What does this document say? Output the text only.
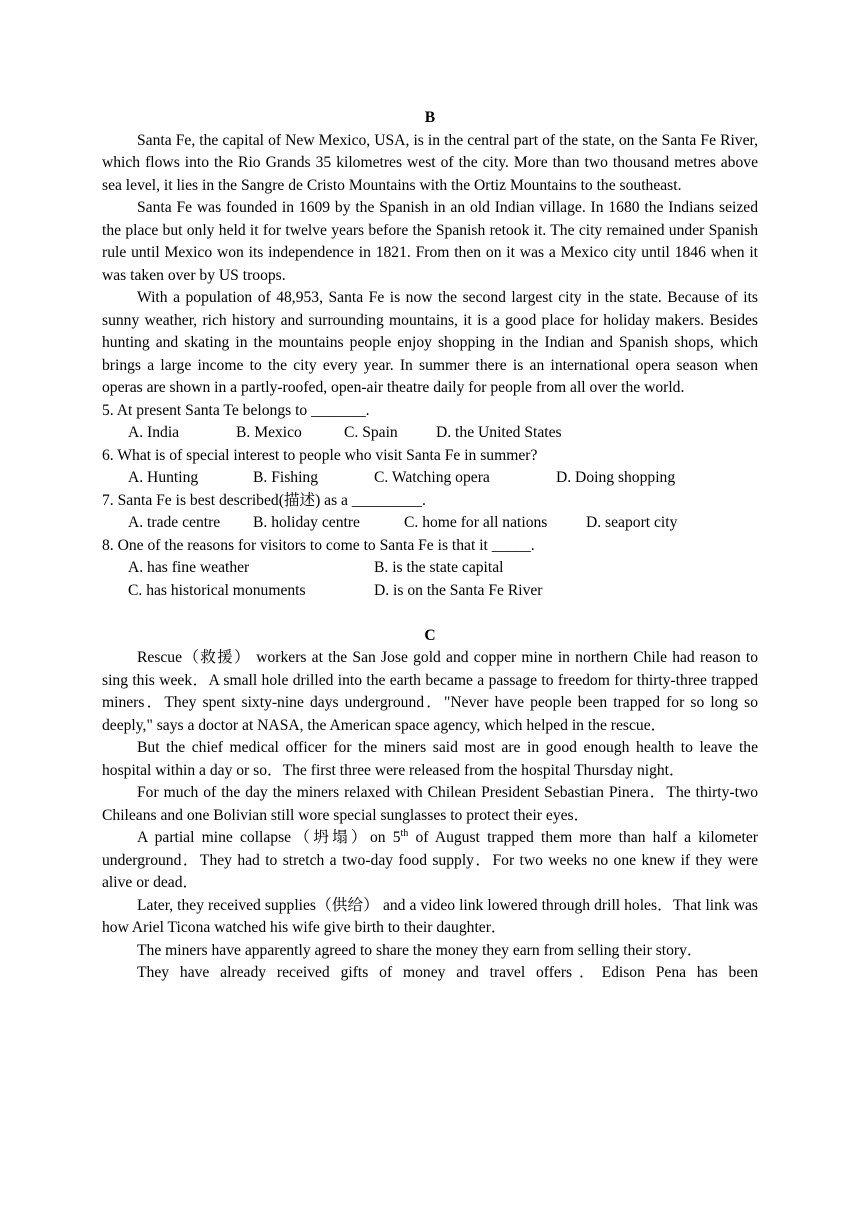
B

Santa Fe, the capital of New Mexico, USA, is in the central part of the state, on the Santa Fe River, which flows into the Rio Grands 35 kilometres west of the city. More than two thousand metres above sea level, it lies in the Sangre de Cristo Mountains with the Ortiz Mountains to the southeast.

Santa Fe was founded in 1609 by the Spanish in an old Indian village. In 1680 the Indians seized the place but only held it for twelve years before the Spanish retook it. The city remained under Spanish rule until Mexico won its independence in 1821. From then on it was a Mexico city until 1846 when it was taken over by US troops.

With a population of 48,953, Santa Fe is now the second largest city in the state. Because of its sunny weather, rich history and surrounding mountains, it is a good place for holiday makers. Besides hunting and skating in the mountains people enjoy shopping in the Indian and Spanish shops, which brings a large income to the city every year. In summer there is an international opera season when operas are shown in a partly-roofed, open-air theatre daily for people from all over the world.

5. At present Santa Te belongs to _______.

A. India	B. Mexico	C. Spain	D. the United States

6. What is of special interest to people who visit Santa Fe in summer?

A. Hunting	B. Fishing	C. Watching opera	D. Doing shopping

7. Santa Fe is best described(描述) as a _________.

A. trade centre	B. holiday centre	C. home for all nations	D. seaport city

8. One of the reasons for visitors to come to Santa Fe is that it _____.

A. has fine weather	B. is the state capital
C. has historical monuments	D. is on the Santa Fe River

C

Rescue（救援） workers at the San Jose gold and copper mine in northern Chile had reason to sing this week．A small hole drilled into the earth became a passage to freedom for thirty-three trapped miners．They spent sixty-nine days underground．"Never have people been trapped for so long so deeply," says a doctor at NASA, the American space agency, which helped in the rescue．

But the chief medical officer for the miners said most are in good enough health to leave the hospital within a day or so．The first three were released from the hospital Thursday night．

For much of the day the miners relaxed with Chilean President Sebastian Pinera．The thirty-two Chileans and one Bolivian still wore special sunglasses to protect their eyes．

A partial mine collapse（坍塌）on 5th of August trapped them more than half a kilometer underground．They had to stretch a two-day food supply．For two weeks no one knew if they were alive or dead．

Later, they received supplies（供给） and a video link lowered through drill holes．That link was how Ariel Ticona watched his wife give birth to their daughter．

The miners have apparently agreed to share the money they earn from selling their story．

They have already received gifts of money and travel offers．Edison Pena has been
